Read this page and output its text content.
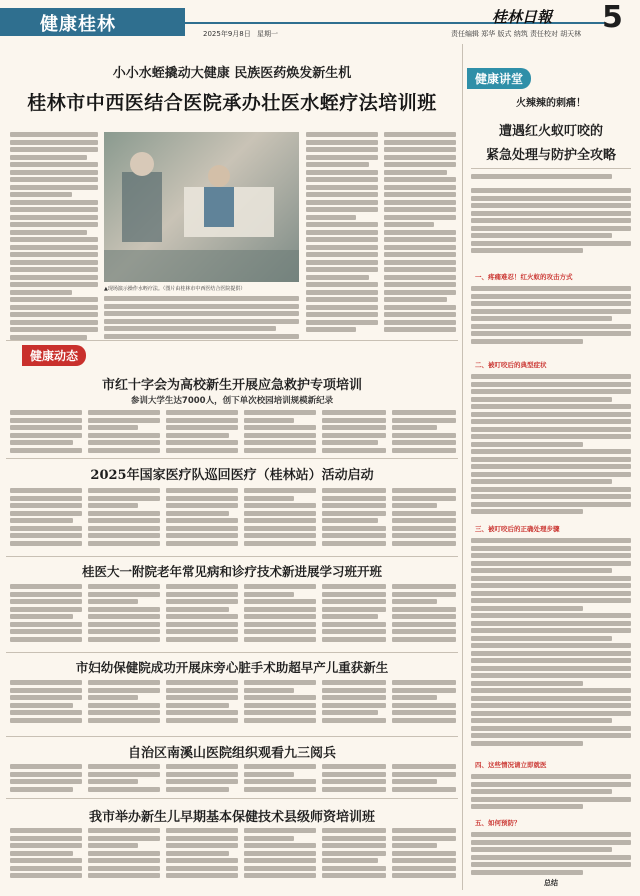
健康桂林	2025年9月8日 星期一
桂林日報 5
责任编辑 郑华 版式 纳筑 责任校对 胡天林
小小水蛭撬动大健康 民族医药焕发新生机
桂林市中西医结合医院承办壮医水蛭疗法培训班
▲现场演示操作水蛭疗法。（图片由桂林市中西医结合医院提供）
健康动态
市红十字会为高校新生开展应急救护专项培训
参训大学生达7000人，创下单次校园培训规模新纪录
2025年国家医疗队巡回医疗（桂林站）活动启动
桂医大一附院老年常见病和诊疗技术新进展学习班开班
市妇幼保健院成功开展床旁心脏手术助超早产儿重获新生
自治区南溪山医院组织观看九三阅兵
我市举办新生儿早期基本保健技术县级师资培训班
健康讲堂
火辣辣的刺痛！
遭遇红火蚁叮咬的
紧急处理与防护全攻略
一、疼痛难忍！红火蚁的攻击方式
二、被叮咬后的典型症状
三、被叮咬后的正确处理步骤
四、这些情况请立即就医
五、如何预防？
总结
